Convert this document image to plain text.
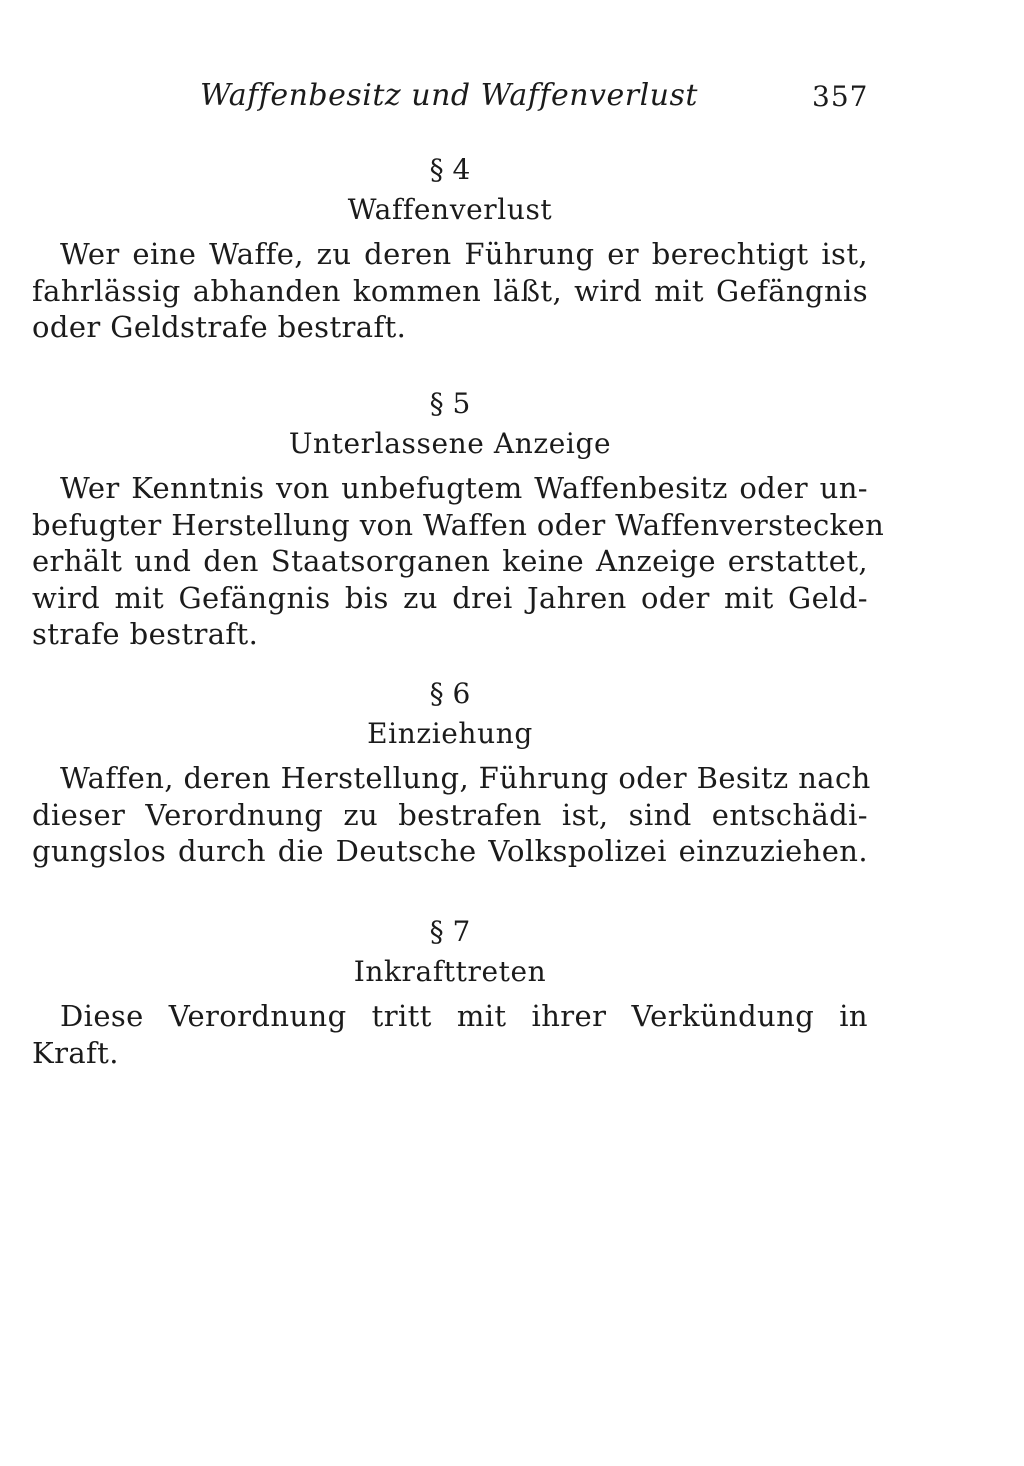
Waffenbesitz und Waffenverlust	357
§ 4
Waffenverlust

Wer eine Waffe, zu deren Führung er berechtigt ist,
fahrlässig abhanden kommen läßt, wird mit Gefängnis
oder Geldstrafe bestraft.

§ 5
Unterlassene Anzeige

Wer Kenntnis von unbefugtem Waffenbesitz oder un-
befugter Herstellung von Waffen oder Waffenverstecken
erhält und den Staatsorganen keine Anzeige erstattet,
wird mit Gefängnis bis zu drei Jahren oder mit Geld-
strafe bestraft.

§ 6
Einziehung

Waffen, deren Herstellung, Führung oder Besitz nach
dieser Verordnung zu bestrafen ist, sind entschädi-
gungslos durch die Deutsche Volkspolizei einzuziehen.

§ 7
Inkrafttreten

Diese Verordnung tritt mit ihrer Verkündung in
Kraft.
